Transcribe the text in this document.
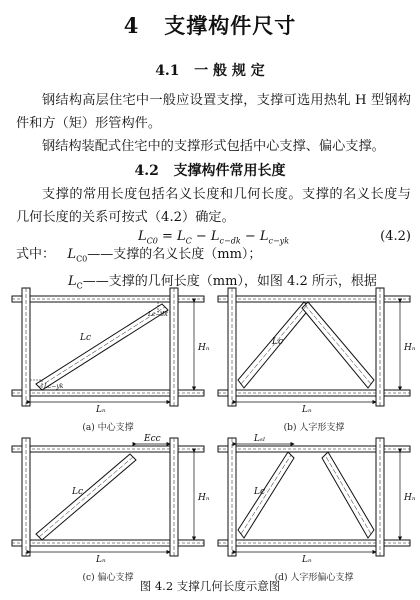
4 支撑构件尺寸
4.1 一 般 规 定
钢结构高层住宅中一般应设置支撑，支撑可选用热轧 H 型钢构件和方（矩）形管构件。
钢结构装配式住宅中的支撑形式包括中心支撑、偏心支撑。
4.2 支撑构件常用长度
支撑的常用长度包括名义长度和几何长度。支撑的名义长度与几何长度的关系可按式（4.2）确定。
$L_{C0} = L_C - L_{c-dk} - L_{c-yk}$	(4.2)
式中： $L_{C0}——$支撑的名义长度（mm）；
$L_C——$支撑的几何长度（mm），如图 4.2 所示，根据
Lc
Lc−dk
Lc−yk
Hₙ
Lₙ
(a) 中心支撑
Lc
Hₙ
Lₙ
(b) 人字形支撑
Ecc
Lc
Hₙ
Lₙ
(c) 偏心支撑
Lₛₗ
Lc
Hₙ
Lₙ
(d) 人字形偏心支撑
图 4.2 支撑几何长度示意图
